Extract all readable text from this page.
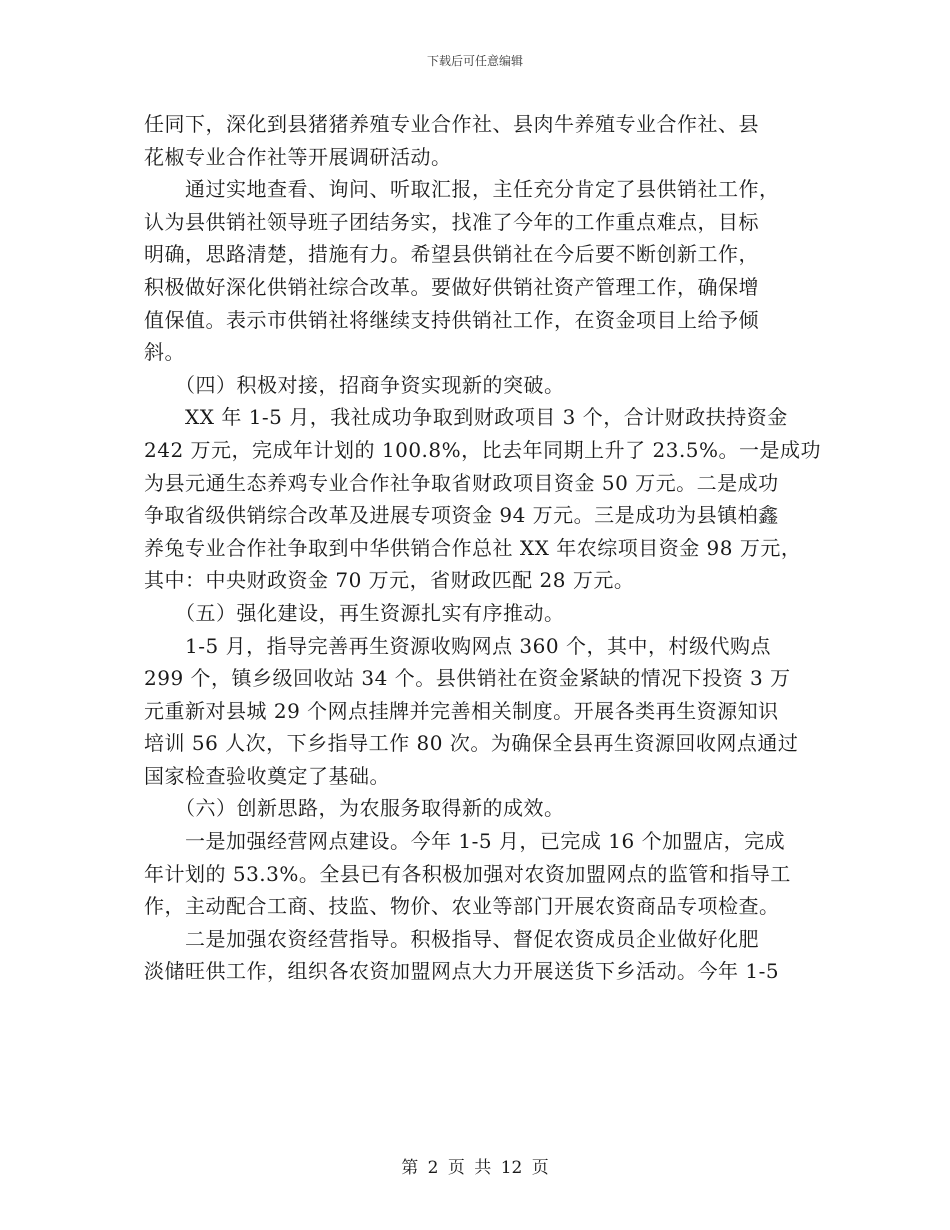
下载后可任意编辑
任同下，深化到县猪猪养殖专业合作社、县肉牛养殖专业合作社、县
花椒专业合作社等开展调研活动。
　　通过实地查看、询问、听取汇报，主任充分肯定了县供销社工作，
认为县供销社领导班子团结务实，找准了今年的工作重点难点，目标
明确，思路清楚，措施有力。希望县供销社在今后要不断创新工作，
积极做好深化供销社综合改革。要做好供销社资产管理工作，确保增
值保值。表示市供销社将继续支持供销社工作，在资金项目上给予倾
斜。
　　（四）积极对接，招商争资实现新的突破。
　　XX 年 1-5 月，我社成功争取到财政项目 3 个，合计财政扶持资金
242 万元，完成年计划的 100.8%，比去年同期上升了 23.5%。一是成功
为县元通生态养鸡专业合作社争取省财政项目资金 50 万元。二是成功
争取省级供销综合改革及进展专项资金 94 万元。三是成功为县镇柏鑫
养兔专业合作社争取到中华供销合作总社 XX 年农综项目资金 98 万元，
其中：中央财政资金 70 万元，省财政匹配 28 万元。
　　（五）强化建设，再生资源扎实有序推动。
　　1-5 月，指导完善再生资源收购网点 360 个，其中，村级代购点
299 个，镇乡级回收站 34 个。县供销社在资金紧缺的情况下投资 3 万
元重新对县城 29 个网点挂牌并完善相关制度。开展各类再生资源知识
培训 56 人次，下乡指导工作 80 次。为确保全县再生资源回收网点通过
国家检查验收奠定了基础。
　　（六）创新思路，为农服务取得新的成效。
　　一是加强经营网点建设。今年 1-5 月，已完成 16 个加盟店，完成
年计划的 53.3%。全县已有各积极加强对农资加盟网点的监管和指导工
作，主动配合工商、技监、物价、农业等部门开展农资商品专项检查。
　　二是加强农资经营指导。积极指导、督促农资成员企业做好化肥
淡储旺供工作，组织各农资加盟网点大力开展送货下乡活动。今年 1-5
第 2 页 共 12 页
